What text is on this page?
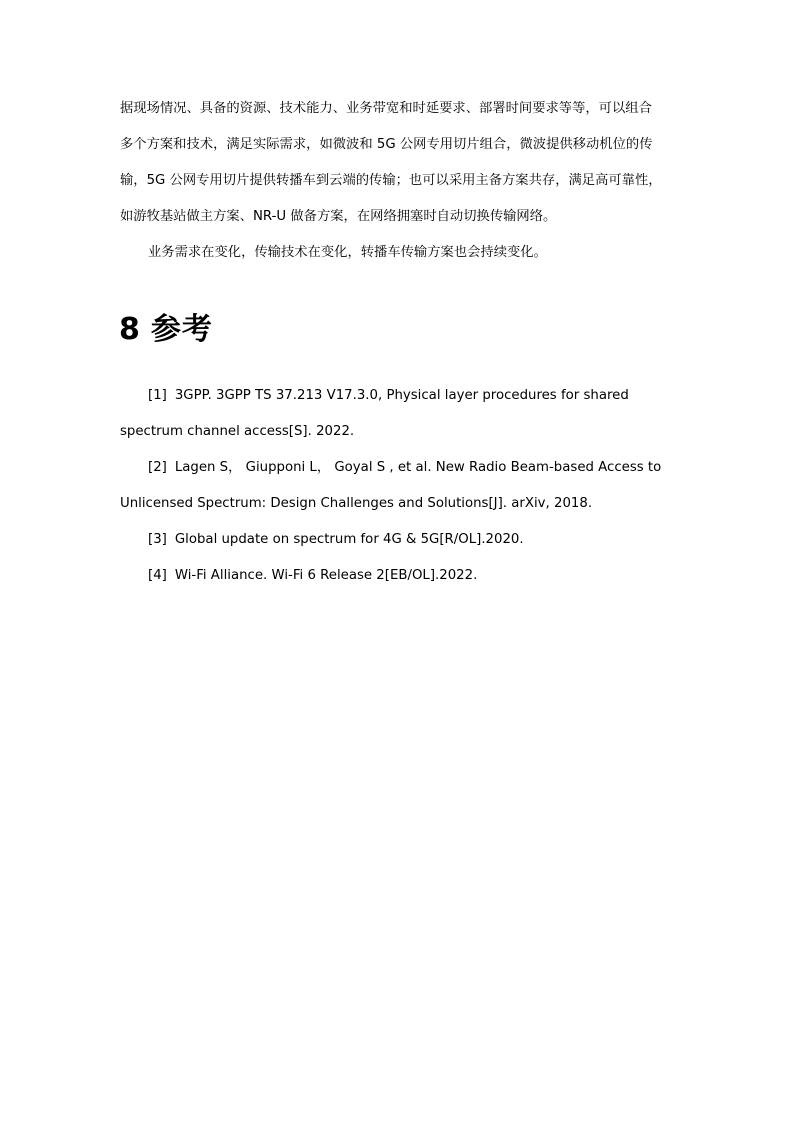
据现场情况、具备的资源、技术能力、业务带宽和时延要求、部署时间要求等等，可以组合
多个方案和技术，满足实际需求，如微波和 5G 公网专用切片组合，微波提供移动机位的传
输，5G 公网专用切片提供转播车到云端的传输；也可以采用主备方案共存，满足高可靠性，
如游牧基站做主方案、NR-U 做备方案，在网络拥塞时自动切换传输网络。
业务需求在变化，传输技术在变化，转播车传输方案也会持续变化。
8 参考
[1] 3GPP. 3GPP TS 37.213 V17.3.0, Physical layer procedures for shared
spectrum channel access[S]. 2022.
[2] Lagen S， Giupponi L， Goyal S , et al. New Radio Beam-based Access to
Unlicensed Spectrum: Design Challenges and Solutions[J]. arXiv, 2018.
[3] Global update on spectrum for 4G & 5G[R/OL].2020.
[4] Wi-Fi Alliance. Wi-Fi 6 Release 2[EB/OL].2022.
